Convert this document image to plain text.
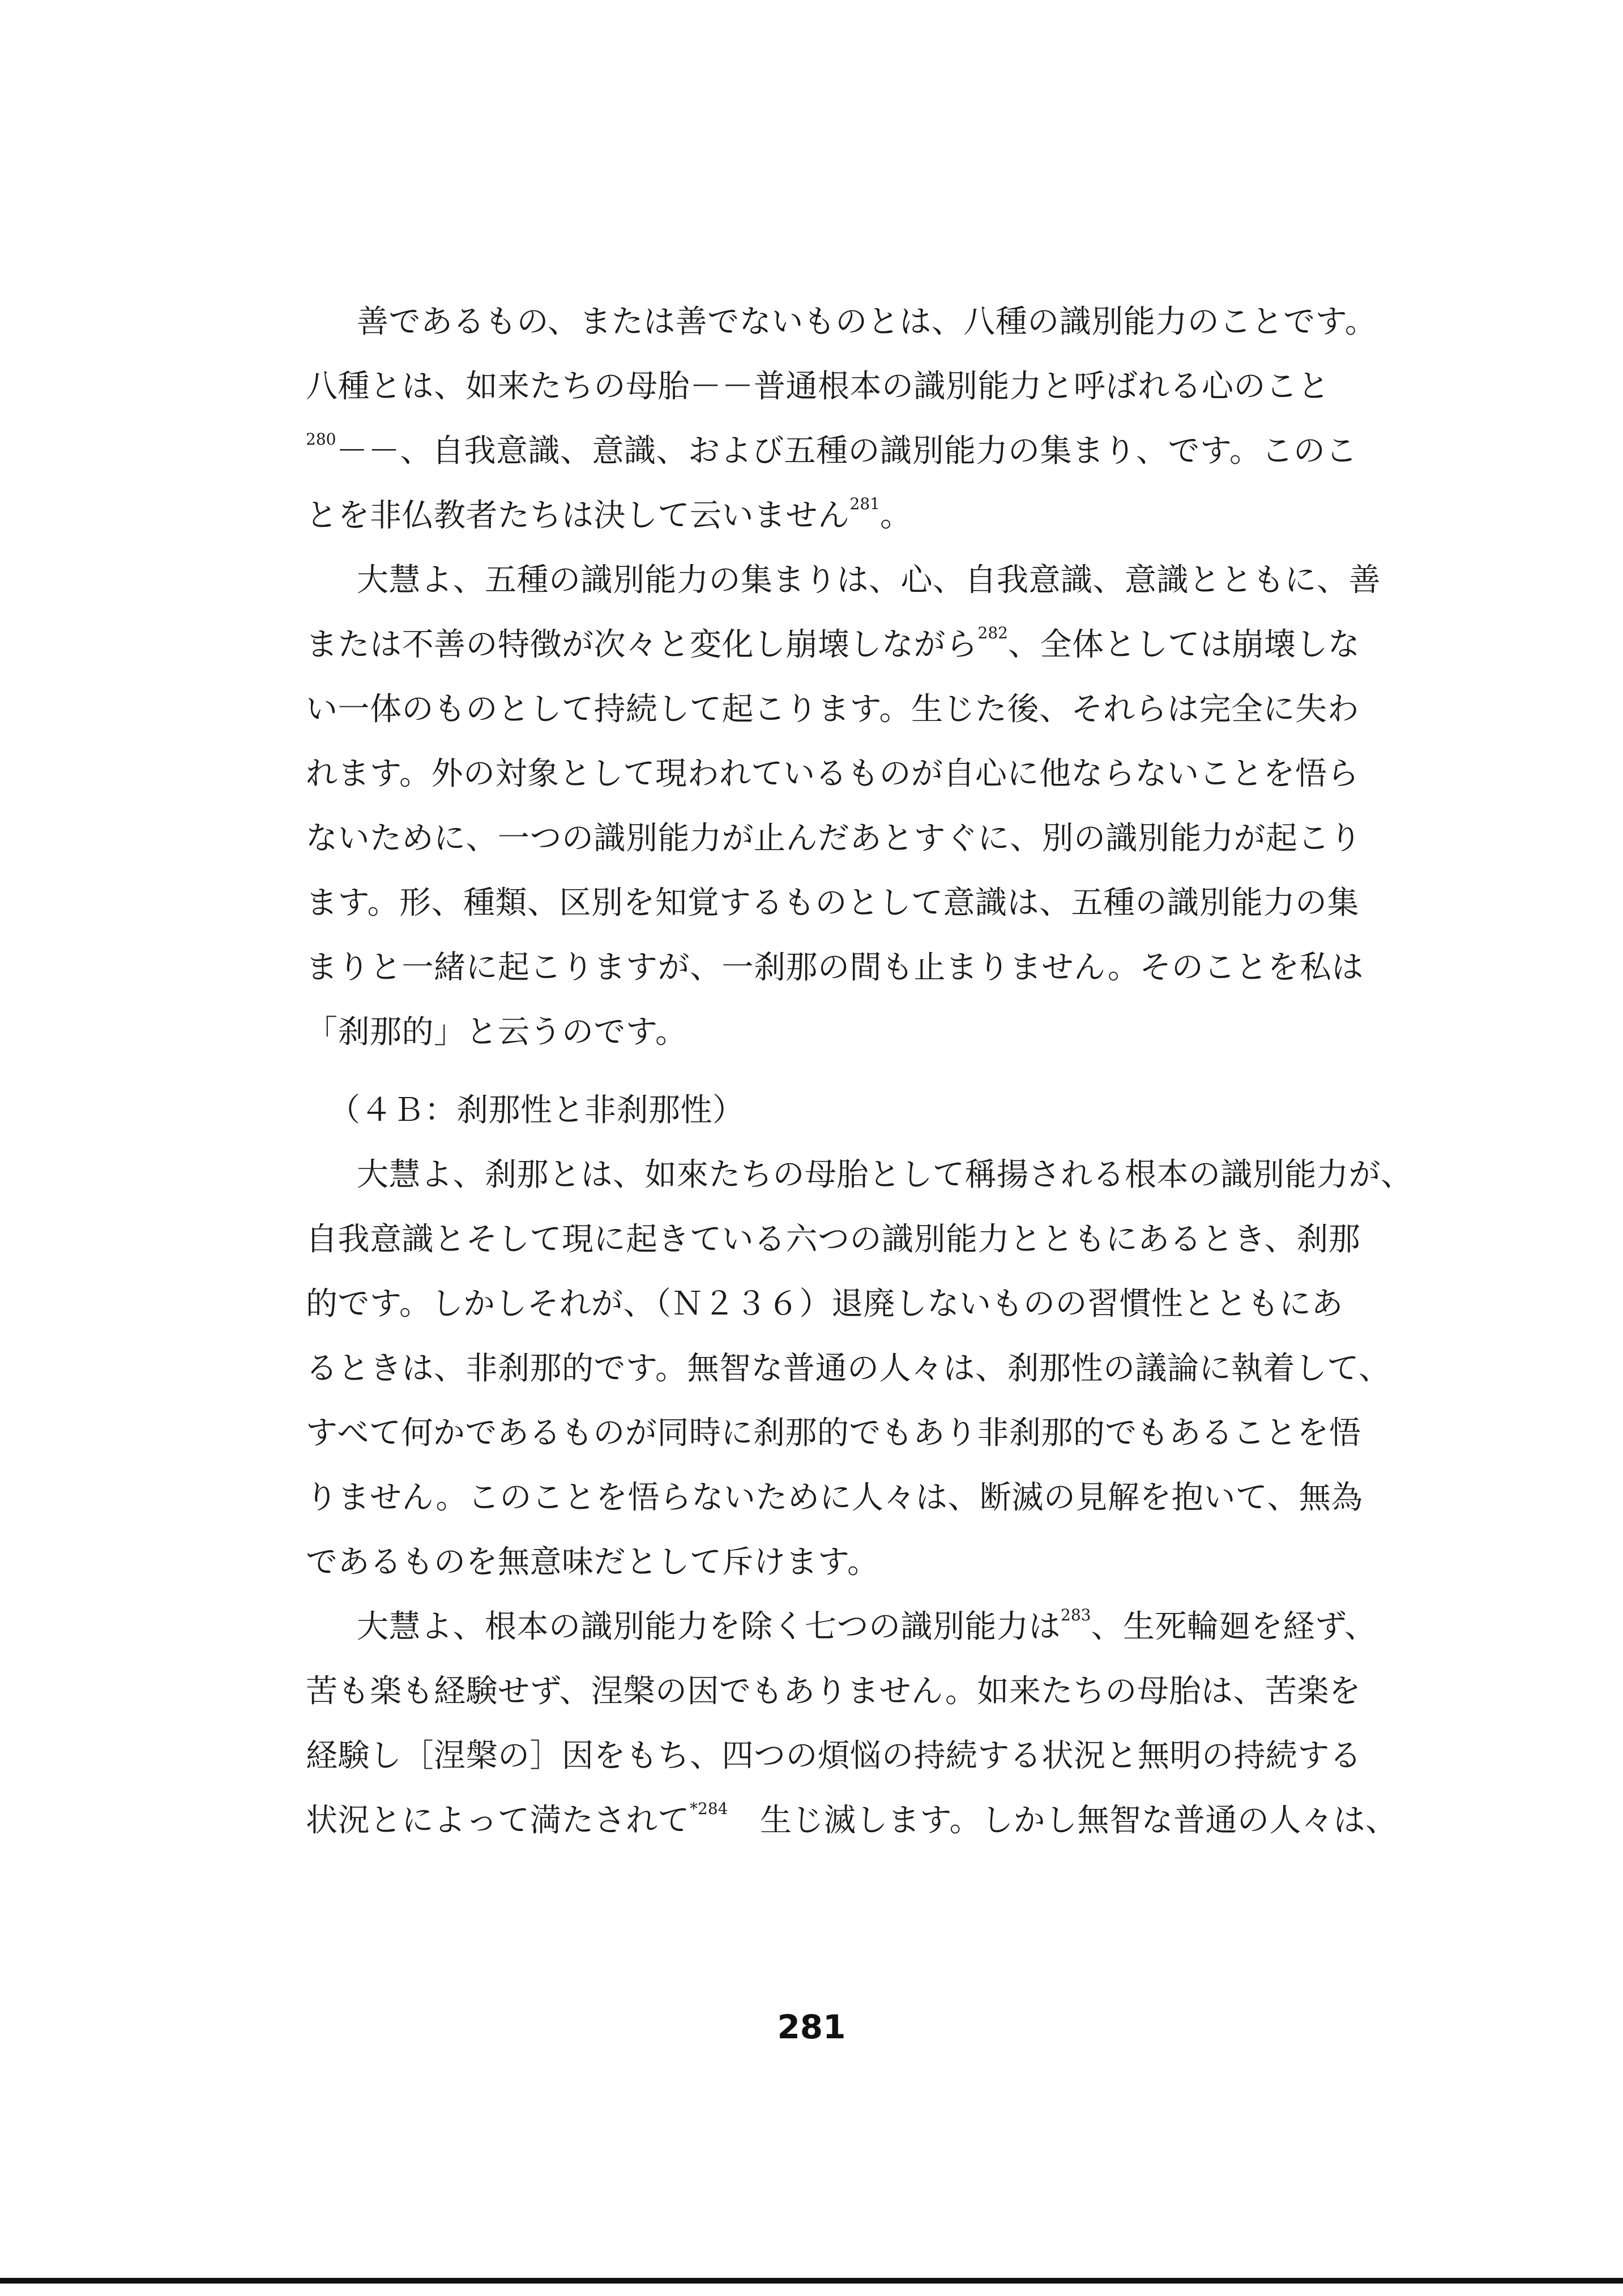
善であるもの、または善でないものとは、八種の識別能力のことです。
八種とは、如来たちの母胎－－普通根本の識別能力と呼ばれる心のこと
$^{280}$－－、自我意識、意識、および五種の識別能力の集まり、です。このこ
とを非仏教者たちは決して云いません$^{281}$。
大慧よ、五種の識別能力の集まりは、心、自我意識、意識とともに、善
または不善の特徴が次々と変化し崩壊しながら$^{282}$、全体としては崩壊しな
い一体のものとして持続して起こります。生じた後、それらは完全に失わ
れます。外の対象として現われているものが自心に他ならないことを悟ら
ないために、一つの識別能力が止んだあとすぐに、別の識別能力が起こり
ます。形、種類、区別を知覚するものとして意識は、五種の識別能力の集
まりと一緒に起こりますが、一刹那の間も止まりません。そのことを私は
「刹那的」と云うのです。
（４Ｂ：刹那性と非刹那性）
大慧よ、刹那とは、如來たちの母胎として稱揚される根本の識別能力が、
自我意識とそして現に起きている六つの識別能力とともにあるとき、刹那
的です。しかしそれが、（Ｎ２３６）退廃しないものの習慣性とともにあ
るときは、非刹那的です。無智な普通の人々は、刹那性の議論に執着して、
すべて何かであるものが同時に刹那的でもあり非刹那的でもあることを悟
りません。このことを悟らないために人々は、断滅の見解を抱いて、無為
であるものを無意味だとして斥けます。
大慧よ、根本の識別能力を除く七つの識別能力は$^{283}$、生死輪廻を経ず、
苦も楽も経験せず、涅槃の因でもありません。如来たちの母胎は、苦楽を
経験し［涅槃の］因をもち、四つの煩悩の持続する状況と無明の持続する
状況とによって満たされて$^{*284}$　生じ滅します。しかし無智な普通の人々は、
281
